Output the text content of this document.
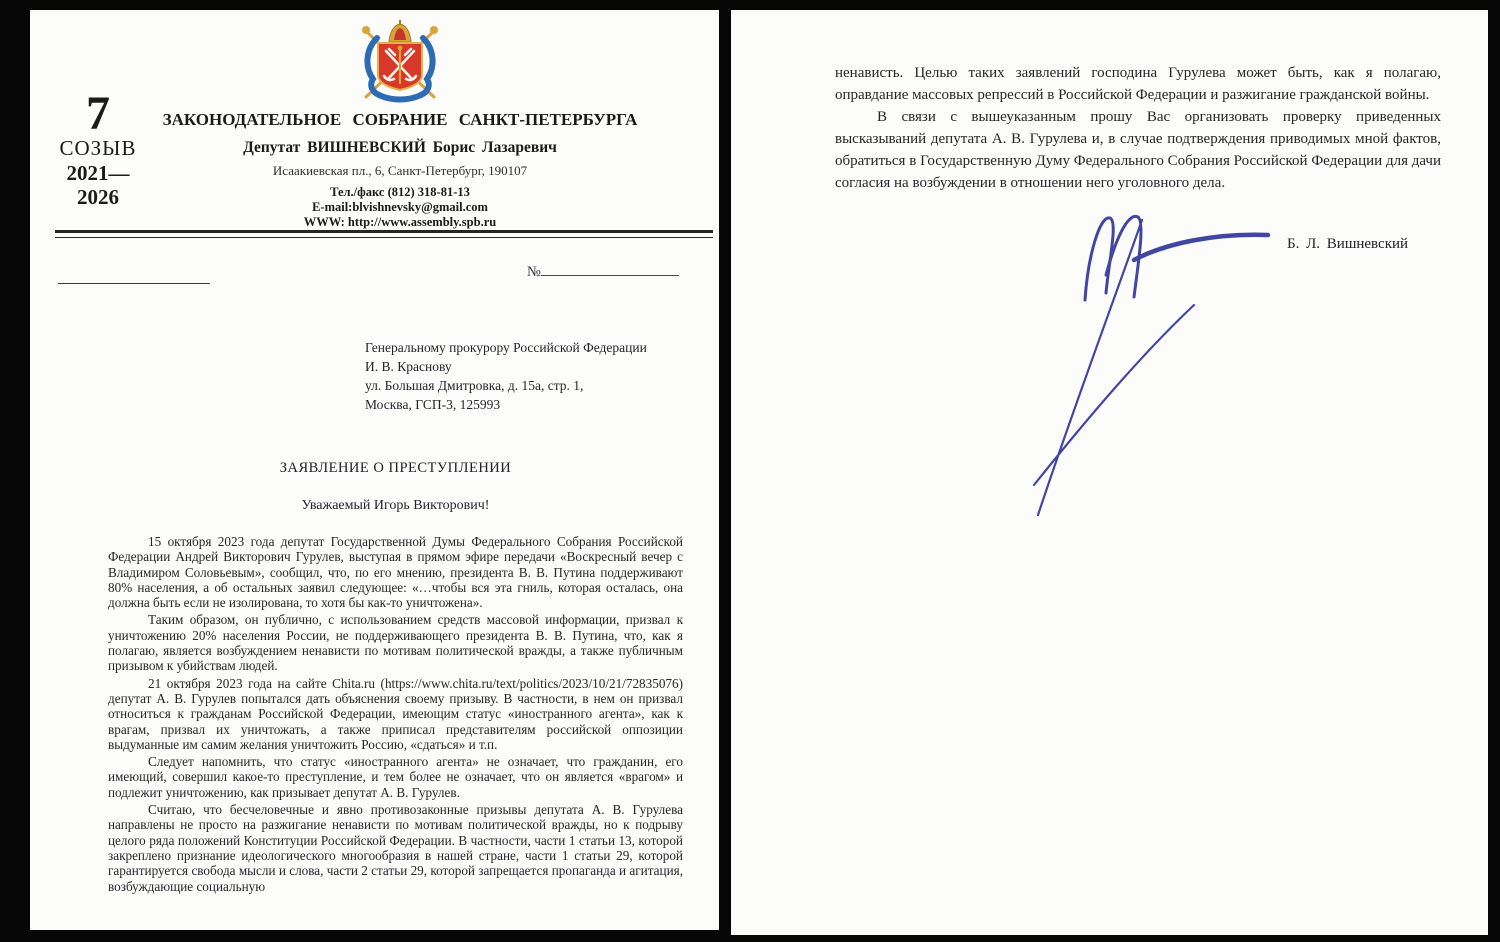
7
СОЗЫВ
2021—
2026
ЗАКОНОДАТЕЛЬНОЕ СОБРАНИЕ САНКТ-ПЕТЕРБУРГА
Депутат ВИШНЕВСКИЙ Борис Лазаревич
Исаакиевская пл., 6, Санкт-Петербург, 190107
Тел./факс (812) 318-81-13
E-mail:blvishnevsky@gmail.com
WWW: http://www.assembly.spb.ru
№
Генеральному прокурору Российской Федерации
И. В. Краснову
ул. Большая Дмитровка, д. 15а, стр. 1,
Москва, ГСП-3, 125993
ЗАЯВЛЕНИЕ О ПРЕСТУПЛЕНИИ
Уважаемый Игорь Викторович!

15 октября 2023 года депутат Государственной Думы Федерального Собрания Российской Федерации Андрей Викторович Гурулев, выступая в прямом эфире передачи «Воскресный вечер с Владимиром Соловьевым», сообщил, что, по его мнению, президента В. В. Путина поддерживают 80% населения, а об остальных заявил следующее: «…чтобы вся эта гниль, которая осталась, она должна быть если не изолирована, то хотя бы как-то уничтожена».

Таким образом, он публично, с использованием средств массовой информации, призвал к уничтожению 20% населения России, не поддерживающего президента В. В. Путина, что, как я полагаю, является возбуждением ненависти по мотивам политической вражды, а также публичным призывом к убийствам людей.

21 октября 2023 года на сайте Chita.ru (https://www.chita.ru/text/politics/2023/10/21/72835076) депутат А. В. Гурулев попытался дать объяснения своему призыву. В частности, в нем он призвал относиться к гражданам Российской Федерации, имеющим статус «иностранного агента», как к врагам, призвал их уничтожать, а также приписал представителям российской оппозиции выдуманные им самим желания уничтожить Россию, «сдаться» и т.п.

Следует напомнить, что статус «иностранного агента» не означает, что гражданин, его имеющий, совершил какое-то преступление, и тем более не означает, что он является «врагом» и подлежит уничтожению, как призывает депутат А. В. Гурулев.

Считаю, что бесчеловечные и явно противозаконные призывы депутата А. В. Гурулева направлены не просто на разжигание ненависти по мотивам политической вражды, но к подрыву целого ряда положений Конституции Российской Федерации. В частности, части 1 статьи 13, которой закреплено признание идеологического многообразия в нашей стране, части 1 статьи 29, которой гарантируется свобода мысли и слова, части 2 статьи 29, которой запрещается пропаганда и агитация, возбуждающие социальную

ненависть. Целью таких заявлений господина Гурулева может быть, как я полагаю, оправдание массовых репрессий в Российской Федерации и разжигание гражданской войны.

В связи с вышеуказанным прошу Вас организовать проверку приведенных высказываний депутата А. В. Гурулева и, в случае подтверждения приводимых мной фактов, обратиться в Государственную Думу Федерального Собрания Российской Федерации для дачи согласия на возбуждении в отношении него уголовного дела.

Б. Л. Вишневский
